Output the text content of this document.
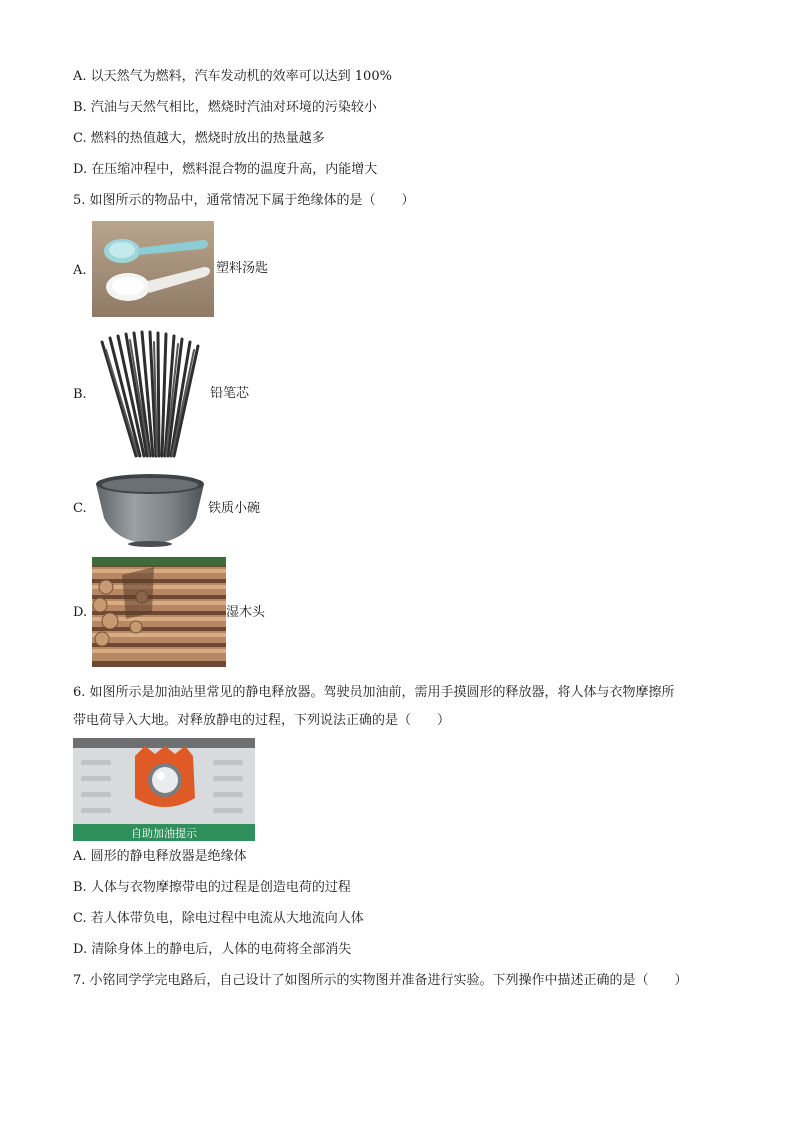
A. 以天然气为燃料，汽车发动机的效率可以达到 100%
B. 汽油与天然气相比，燃烧时汽油对环境的污染较小
C. 燃料的热值越大，燃烧时放出的热量越多
D. 在压缩冲程中，燃料混合物的温度升高，内能增大
5. 如图所示的物品中，通常情况下属于绝缘体的是（　　）
A.	塑料汤匙
B.	铅笔芯
C.	铁质小碗
D.	湿木头
6. 如图所示是加油站里常见的静电释放器。驾驶员加油前，需用手摸圆形的释放器，将人体与衣物摩擦所
带电荷导入大地。对释放静电的过程，下列说法正确的是（　　）
自助加油提示
A. 圆形的静电释放器是绝缘体
B. 人体与衣物摩擦带电的过程是创造电荷的过程
C. 若人体带负电，除电过程中电流从大地流向人体
D. 清除身体上的静电后，人体的电荷将全部消失
7. 小铭同学学完电路后，自己设计了如图所示的实物图并准备进行实验。下列操作中描述正确的是（　　）
